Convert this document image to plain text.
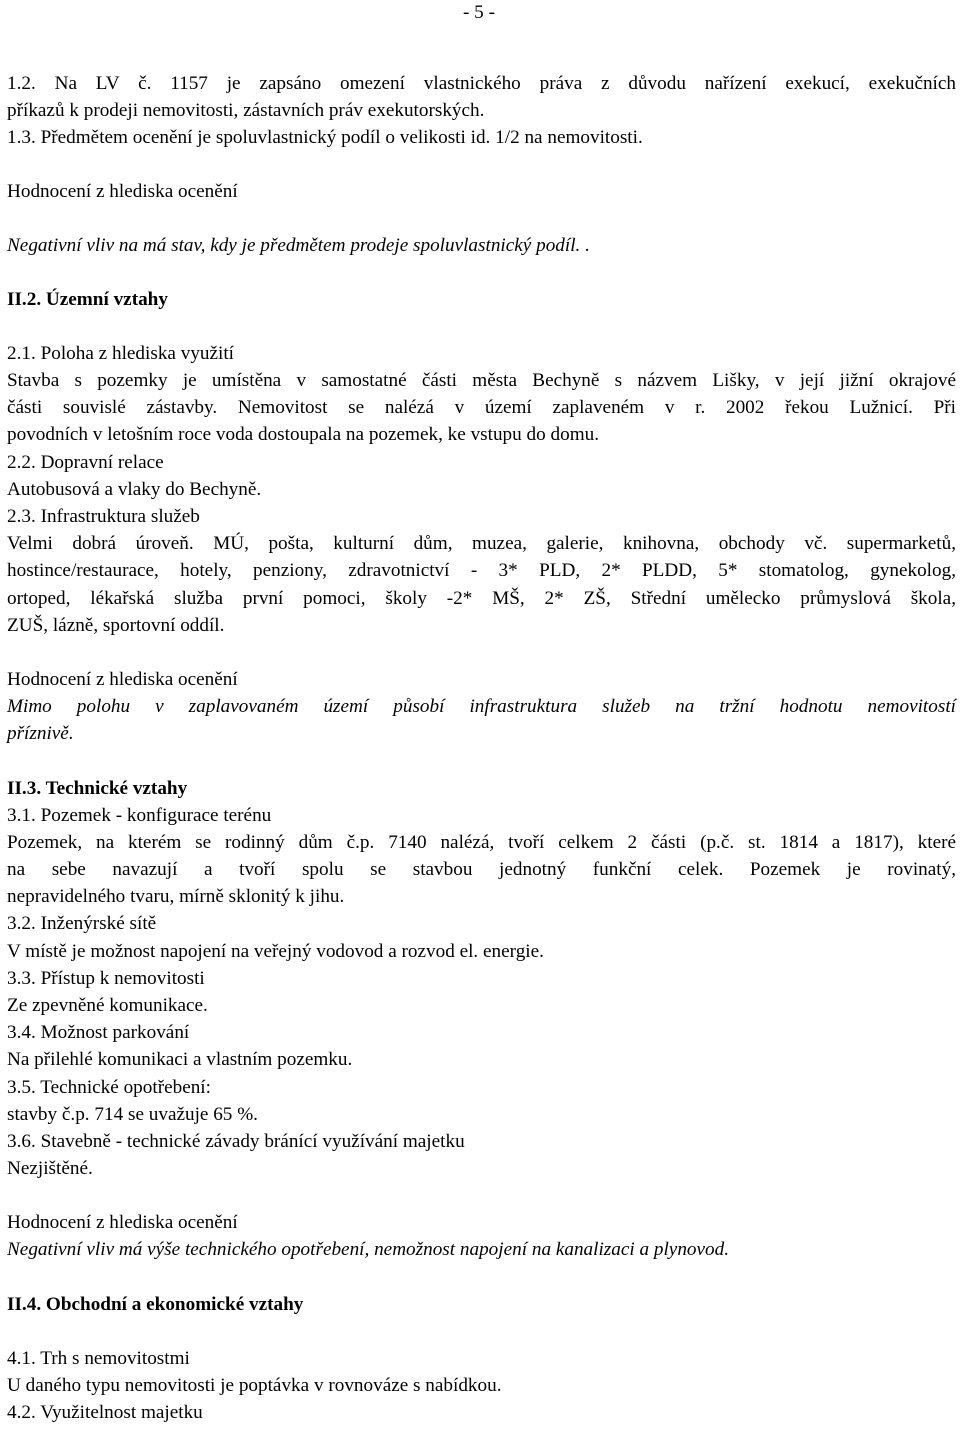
- 5 -
1.2. Na LV č. 1157 je zapsáno omezení vlastnického práva z důvodu nařízení exekucí, exekučních
příkazů k prodeji nemovitosti, zástavních práv exekutorských.
1.3. Předmětem ocenění je spoluvlastnický podíl o velikosti id. 1/2 na nemovitosti.
Hodnocení z hlediska ocenění
Negativní vliv na má stav, kdy je předmětem prodeje spoluvlastnický podíl. .
II.2. Územní vztahy
2.1. Poloha z hlediska využití
Stavba s pozemky je umístěna v samostatné části města Bechyně s názvem Lišky, v její jižní okrajové
části souvislé zástavby. Nemovitost se nalézá v území zaplaveném v r. 2002 řekou Lužnicí. Při
povodních v letošním roce voda dostoupala na pozemek, ke vstupu do domu.
2.2. Dopravní relace
Autobusová a vlaky do Bechyně.
2.3. Infrastruktura služeb
Velmi dobrá úroveň. MÚ, pošta, kulturní dům, muzea, galerie, knihovna, obchody vč. supermarketů,
hostince/restaurace, hotely, penziony, zdravotnictví - 3* PLD, 2* PLDD, 5* stomatolog, gynekolog,
ortoped, lékařská služba první pomoci, školy -2* MŠ, 2* ZŠ, Střední umělecko průmyslová škola,
ZUŠ, lázně, sportovní oddíl.
Hodnocení z hlediska ocenění
Mimo polohu v zaplavovaném území působí infrastruktura služeb na tržní hodnotu nemovitostí
příznivě.
II.3. Technické vztahy
3.1. Pozemek - konfigurace terénu
Pozemek, na kterém se rodinný dům č.p. 7140 nalézá, tvoří celkem 2 části (p.č. st. 1814 a 1817), které
na sebe navazují a tvoří spolu se stavbou jednotný funkční celek. Pozemek je rovinatý,
nepravidelného tvaru, mírně sklonitý k jihu.
3.2. Inženýrské sítě
V místě je možnost napojení na veřejný vodovod a rozvod el. energie.
3.3. Přístup k nemovitosti
Ze zpevněné komunikace.
3.4. Možnost parkování
Na přilehlé komunikaci a vlastním pozemku.
3.5. Technické opotřebení:
stavby č.p. 714 se uvažuje 65 %.
3.6. Stavebně - technické závady bránící využívání majetku
Nezjištěné.
Hodnocení z hlediska ocenění
Negativní vliv má výše technického opotřebení, nemožnost napojení na kanalizaci a plynovod.
II.4. Obchodní a ekonomické vztahy
4.1. Trh s nemovitostmi
U daného typu nemovitosti je poptávka v rovnováze s nabídkou.
4.2. Využitelnost majetku
